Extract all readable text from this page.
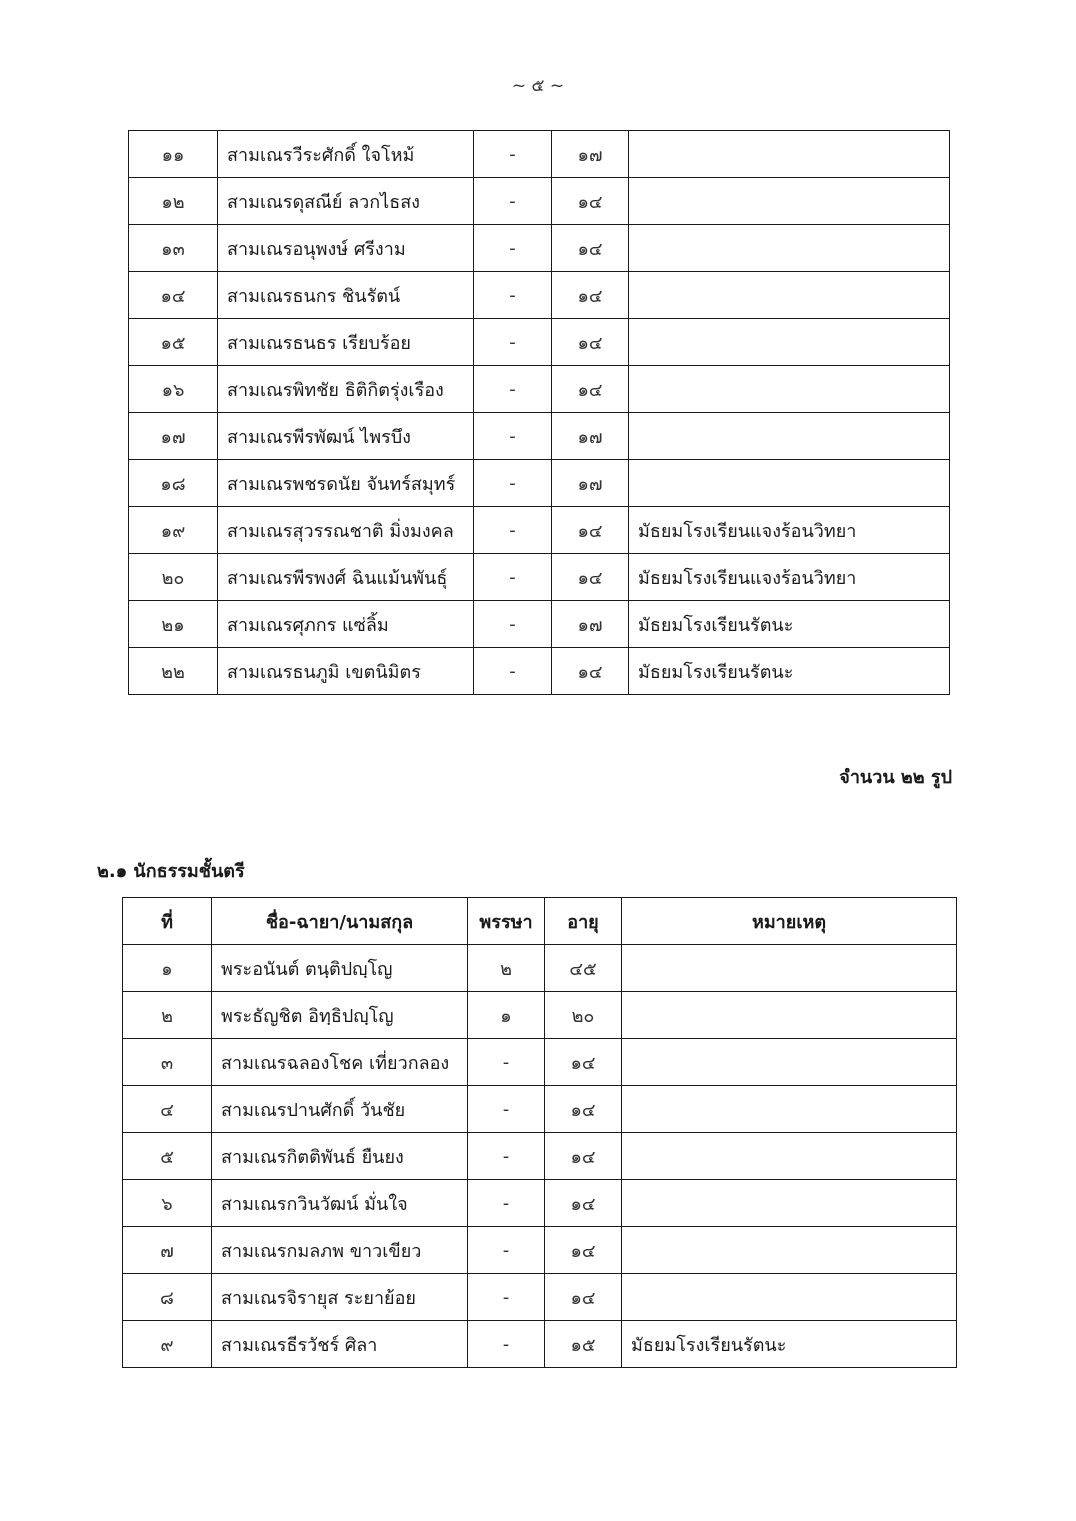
~ ๕ ~
๑๑	สามเณรวีระศักดิ์ ใจโหม้	-	๑๗	
๑๒	สามเณรดุสณีย์ ลวกไธสง	-	๑๔	
๑๓	สามเณรอนุพงษ์ ศรีงาม	-	๑๔	
๑๔	สามเณรธนกร ชินรัตน์	-	๑๔	
๑๕	สามเณรธนธร เรียบร้อย	-	๑๔	
๑๖	สามเณรพิทชัย ธิติกิตรุ่งเรือง	-	๑๔	
๑๗	สามเณรพีรพัฒน์ ไพรบึง	-	๑๗	
๑๘	สามเณรพชรดนัย จันทร์สมุทร์	-	๑๗	
๑๙	สามเณรสุวรรณชาติ มิ่งมงคล	-	๑๔	มัธยมโรงเรียนแจงร้อนวิทยา
๒๐	สามเณรพีรพงศ์ ฉินแม้นพันธุ์	-	๑๔	มัธยมโรงเรียนแจงร้อนวิทยา
๒๑	สามเณรศุภกร แซ่ลิ้ม	-	๑๗	มัธยมโรงเรียนรัตนะ
๒๒	สามเณรธนภูมิ เขตนิมิตร	-	๑๔	มัธยมโรงเรียนรัตนะ
จำนวน ๒๒ รูป
๒.๑ นักธรรมชั้นตรี
ที่	ชื่อ-ฉายา/นามสกุล	พรรษา	อายุ	หมายเหตุ
๑	พระอนันต์ ตนฺติปญฺโญ	๒	๔๕	
๒	พระธัญชิต อิทฺธิปญฺโญ	๑	๒๐	
๓	สามเณรฉลองโชค เที่ยวกลอง	-	๑๔	
๔	สามเณรปานศักดิ์ วันชัย	-	๑๔	
๕	สามเณรกิตติพันธ์ ยืนยง	-	๑๔	
๖	สามเณรกวินวัฒน์ มั่นใจ	-	๑๔	
๗	สามเณรกมลภพ ขาวเขียว	-	๑๔	
๘	สามเณรจิรายุส ระยาย้อย	-	๑๔	
๙	สามเณรธีรวัชร์ ศิลา	-	๑๕	มัธยมโรงเรียนรัตนะ
